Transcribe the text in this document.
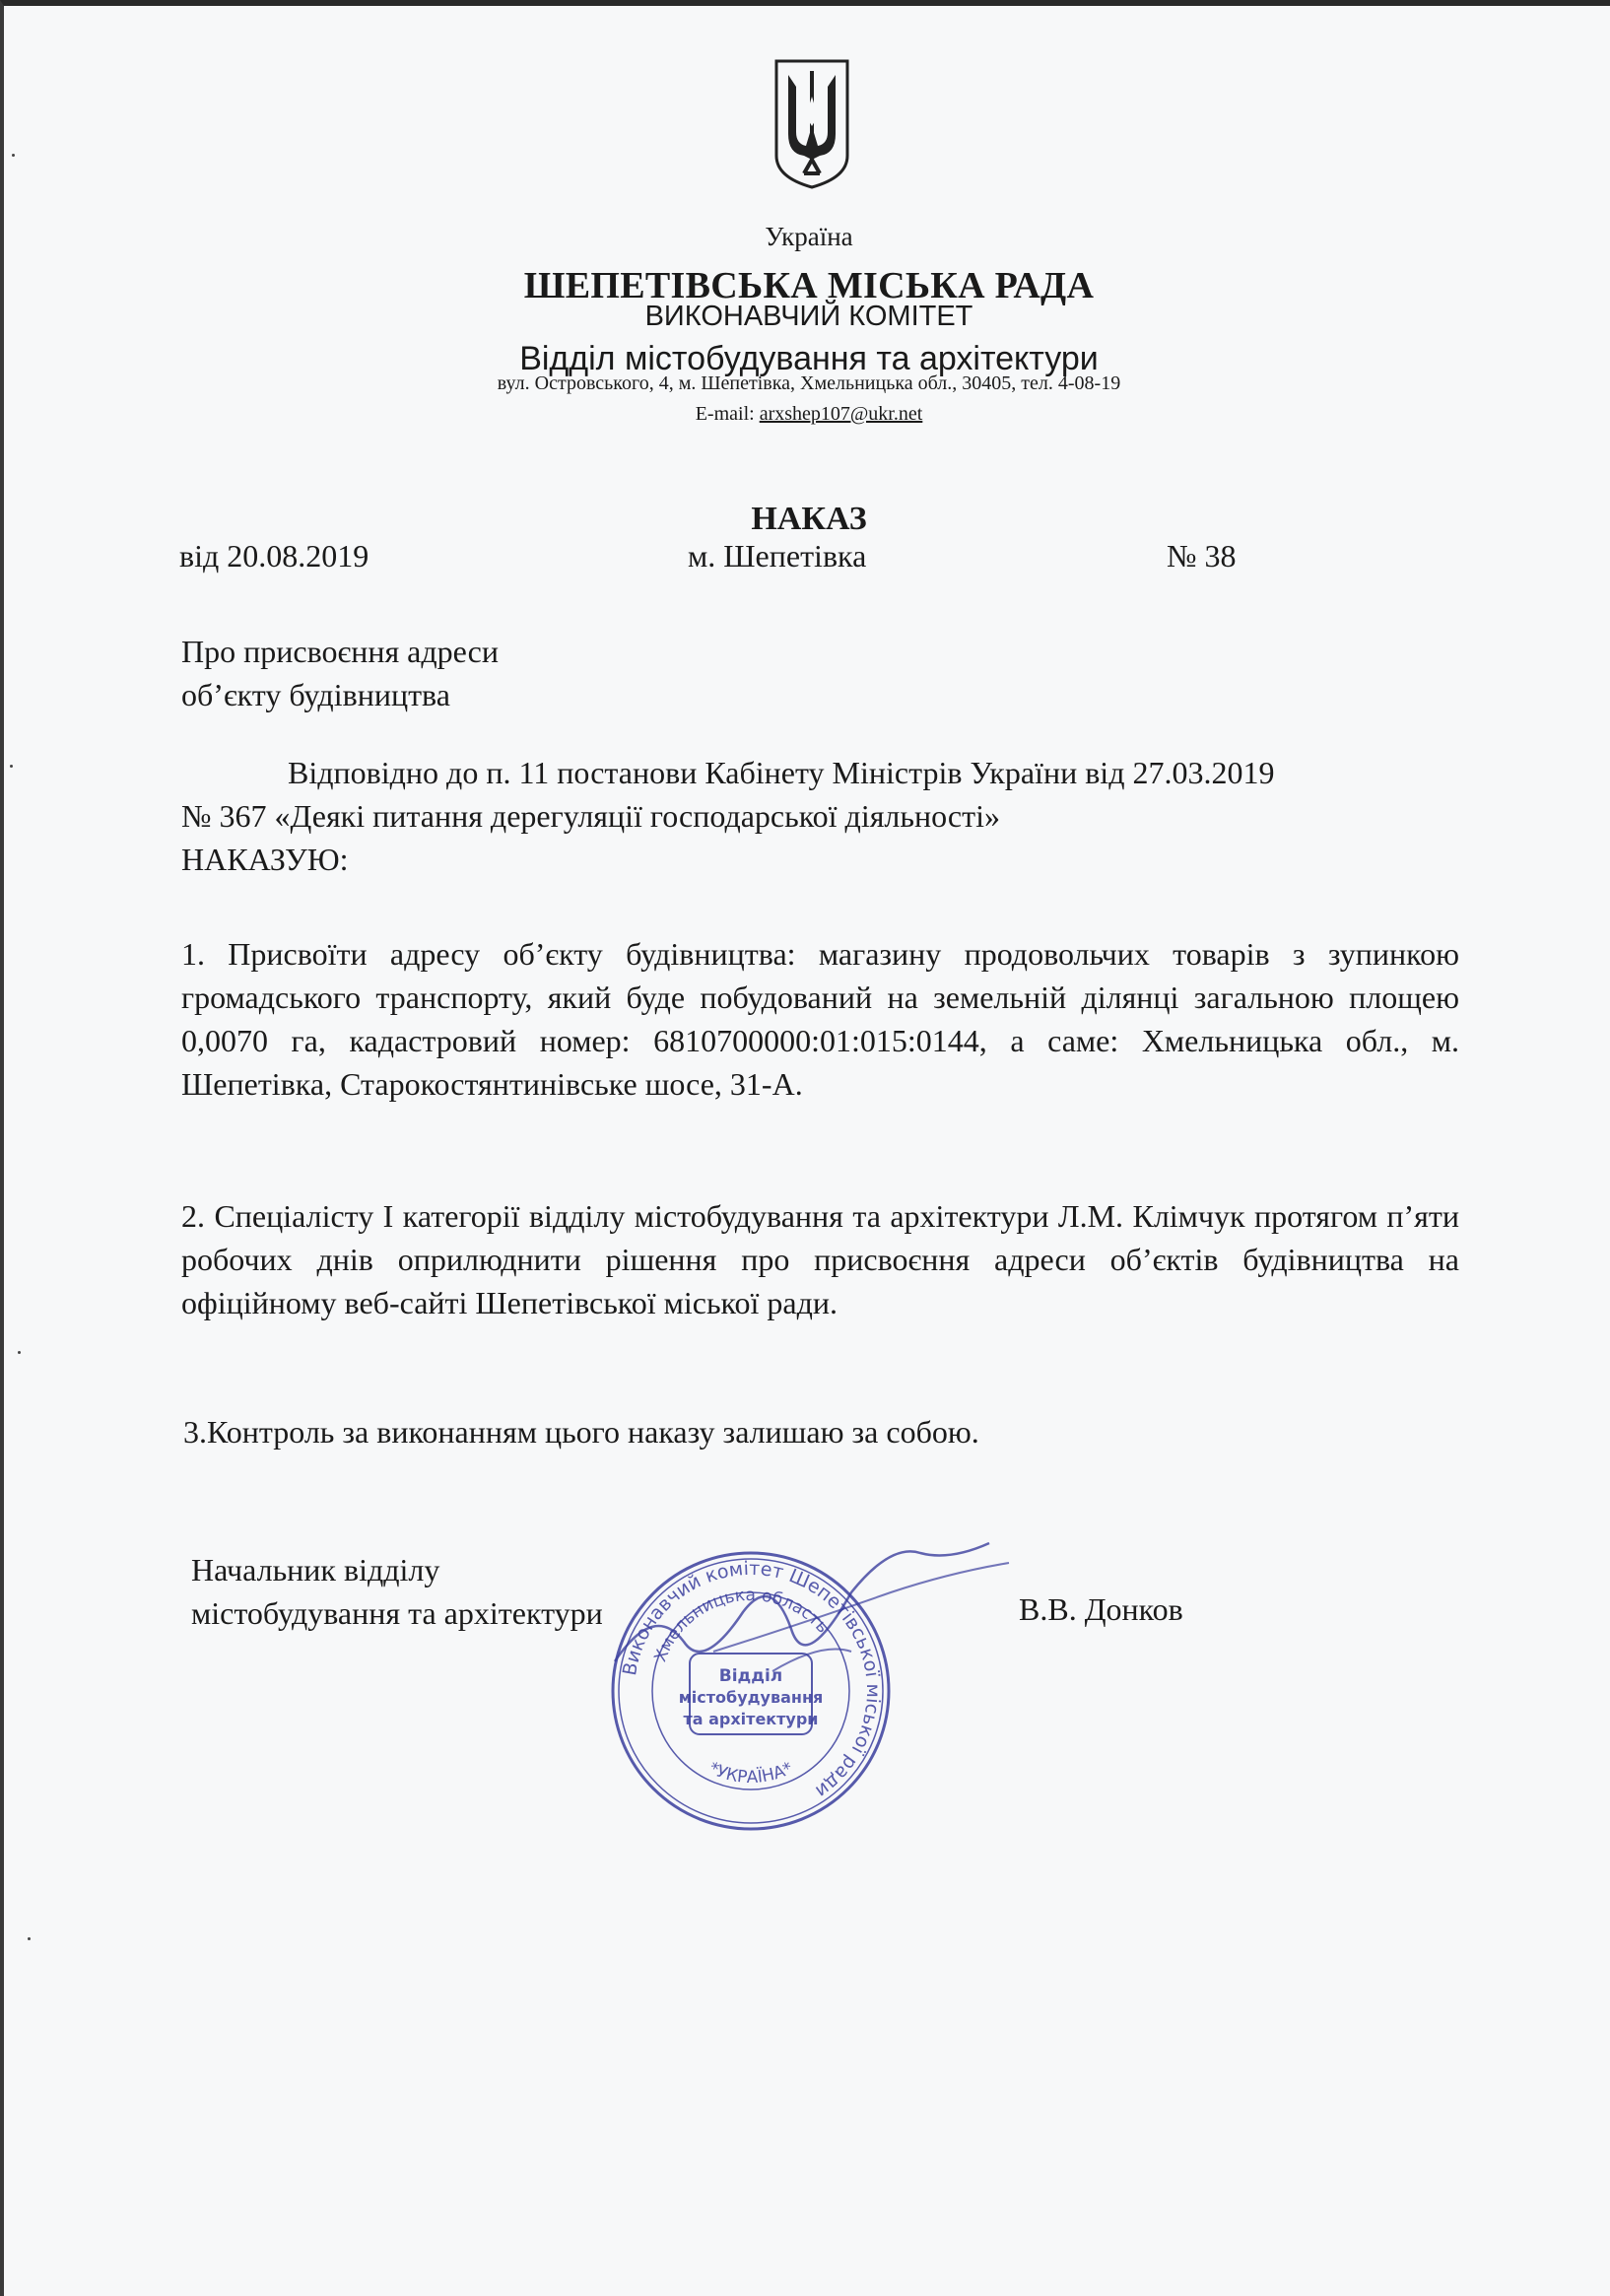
Україна

ШЕПЕТІВСЬКА МІСЬКА РАДА

ВИКОНАВЧИЙ КОМІТЕТ

Відділ містобудування та архітектури

вул. Островського, 4, м. Шепетівка, Хмельницька обл., 30405, тел. 4-08-19

E-mail: arxshep107@ukr.net

НАКАЗ

від 20.08.2019	м. Шепетівка	№ 38

Про присвоєння адреси
об’єкту будівництва
Відповідно до п. 11 постанови Кабінету Міністрів України від 27.03.2019
№ 367 «Деякі питання дерегуляції господарської діяльності»
НАКАЗУЮ:

1. Присвоїти адресу об’єкту будівництва: магазину продовольчих товарів з зупинкою громадського транспорту, який буде побудований на земельній ділянці загальною площею 0,0070 га, кадастровий номер: 6810700000:01:015:0144, а саме: Хмельницька обл., м. Шепетівка, Старокостянтинівське шосе, 31-А.

2. Спеціалісту І категорії відділу містобудування та архітектури Л.М. Клімчук протягом п’яти робочих днів оприлюднити рішення про присвоєння адреси об’єктів будівництва на офіційному веб-сайті Шепетівської міської ради.

3.Контроль за виконанням цього наказу залишаю за собою.

Начальник відділу
містобудування та архітектури	В.В. Донков

Виконавчий комітет Шепетівської міської ради
Хмельницька область
*УКРАЇНА*
Відділ
містобудування
та архітектури
